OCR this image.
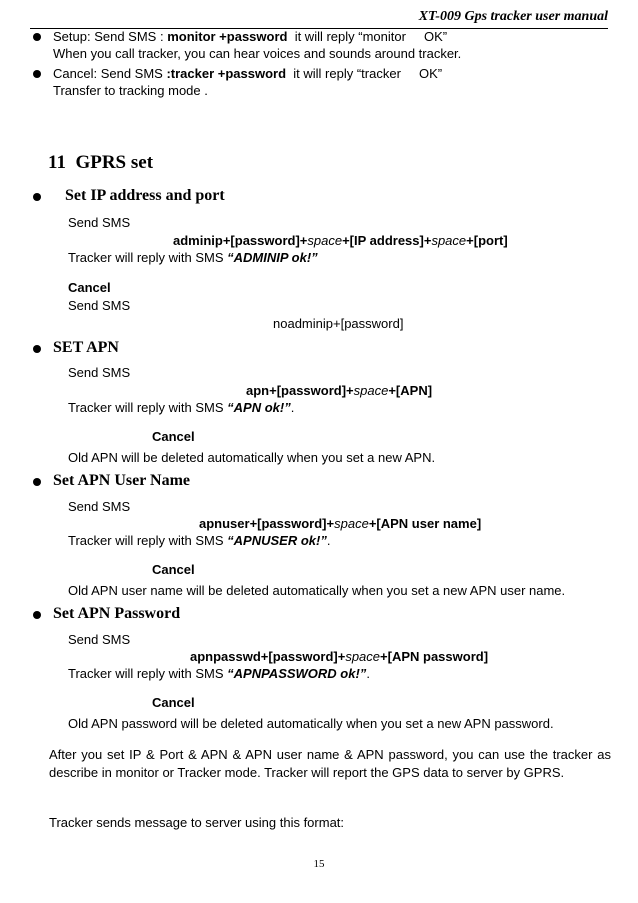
XT-009 Gps tracker user manual
Setup: Send SMS : monitor +password  it will reply “monitor     OK”
When you call tracker, you can hear voices and sounds around tracker.
Cancel: Send SMS :tracker +password  it will reply “tracker     OK”
Transfer to tracking mode .
11  GPRS set
Set IP address and port
Send SMS
adminip+[password]+space+[IP address]+space+[port]
Tracker will reply with SMS “ADMINIP ok!”
Cancel
Send SMS
noadminip+[password]
SET APN
Send SMS
apn+[password]+space+[APN]
Tracker will reply with SMS “APN ok!”.
Cancel
Old APN will be deleted automatically when you set a new APN.
Set APN User Name
Send SMS
apnuser+[password]+space+[APN user name]
Tracker will reply with SMS “APNUSER ok!”.
Cancel
Old APN user name will be deleted automatically when you set a new APN user name.
Set APN Password
Send SMS
apnpasswd+[password]+space+[APN password]
Tracker will reply with SMS “APNPASSWORD ok!”.
Cancel
Old APN password will be deleted automatically when you set a new APN password.
After you set IP & Port & APN & APN user name & APN password, you can use the tracker as describe in monitor or Tracker mode. Tracker will report the GPS data to server by GPRS.
Tracker sends message to server using this format:
15
